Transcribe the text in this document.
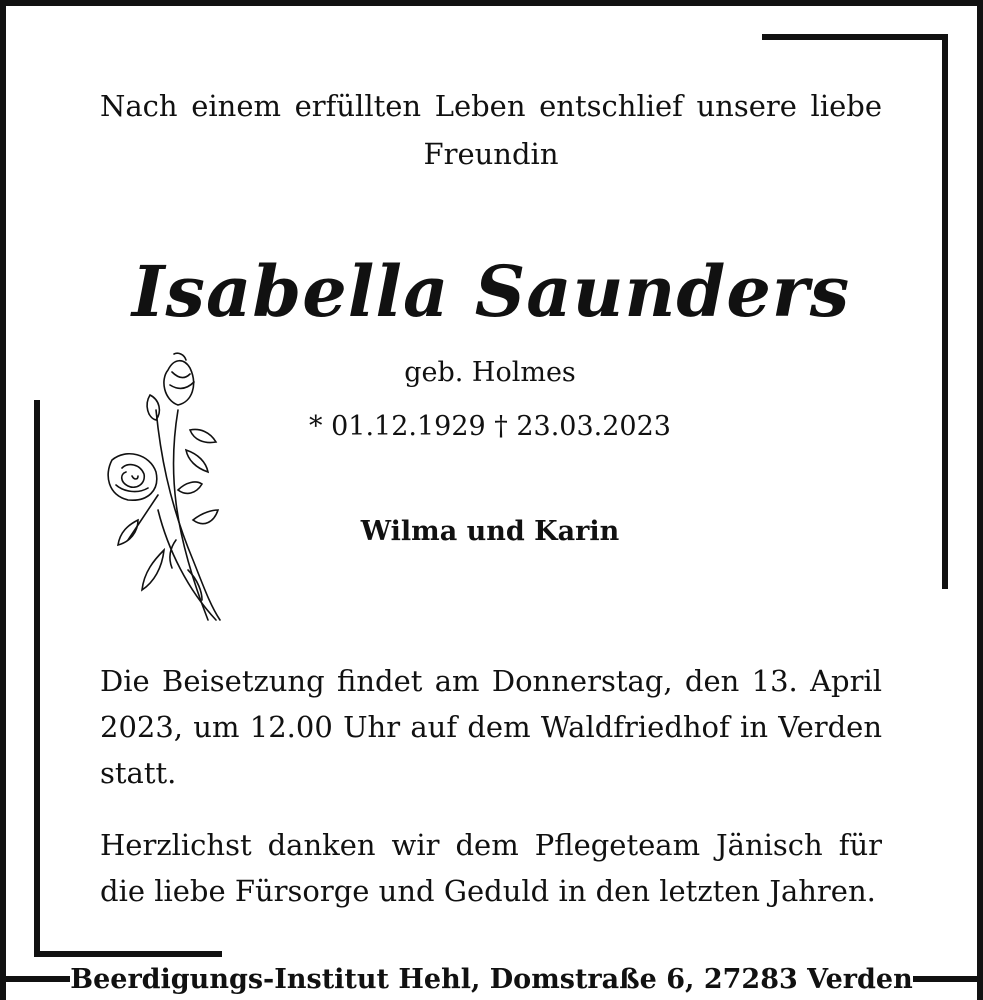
Nach einem erfüllten Leben entschlief unsere liebe Freundin
Isabella Saunders
geb. Holmes
* 01.12.1929 † 23.03.2023
Wilma und Karin
Die Beisetzung findet am Donnerstag, den 13. April 2023, um 12.00 Uhr auf dem Waldfriedhof in Verden statt.
Herzlichst danken wir dem Pflegeteam Jänisch für die liebe Fürsorge und Geduld in den letzten Jahren.
Beerdigungs-Institut Hehl, Domstraße 6, 27283 Verden
